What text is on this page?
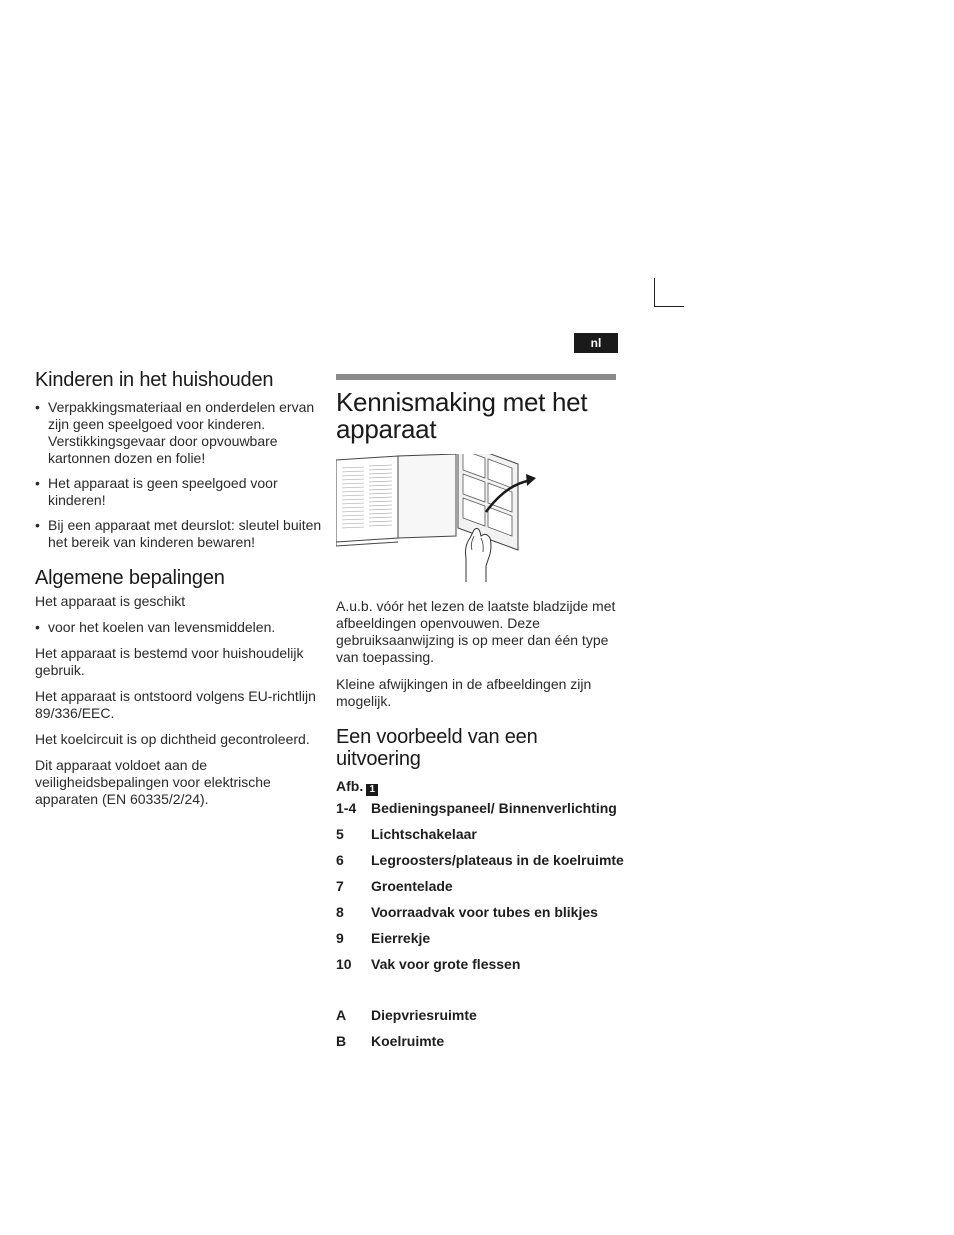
nl
Kinderen in het huishouden
• Verpakkingsmateriaal en onderdelen ervan zijn geen speelgoed voor kinderen. Verstikkingsgevaar door opvouwbare kartonnen dozen en folie!
• Het apparaat is geen speelgoed voor kinderen!
• Bij een apparaat met deurslot: sleutel buiten het bereik van kinderen bewaren!
Algemene bepalingen

Het apparaat is geschikt

• voor het koelen van levensmiddelen.

Het apparaat is bestemd voor huishoudelijk gebruik.

Het apparaat is ontstoord volgens EU-richtlijn 89/336/EEC.

Het koelcircuit is op dichtheid gecontroleerd.

Dit apparaat voldoet aan de veiligheidsbepalingen voor elektrische apparaten (EN 60335/2/24).

Kennismaking met het apparaat

A.u.b. vóór het lezen de laatste bladzijde met afbeeldingen openvouwen. Deze gebruiksaanwijzing is op meer dan één type van toepassing.

Kleine afwijkingen in de afbeeldingen zijn mogelijk.

Een voorbeeld van een uitvoering
Afb. 1
1-4	Bedieningspaneel/ Binnenverlichting
5	Lichtschakelaar
6	Legroosters/plateaus in de koelruimte
7	Groentelade
8	Voorraadvak voor tubes en blikjes
9	Eierrekje
10	Vak voor grote flessen
A	Diepvriesruimte
B	Koelruimte
